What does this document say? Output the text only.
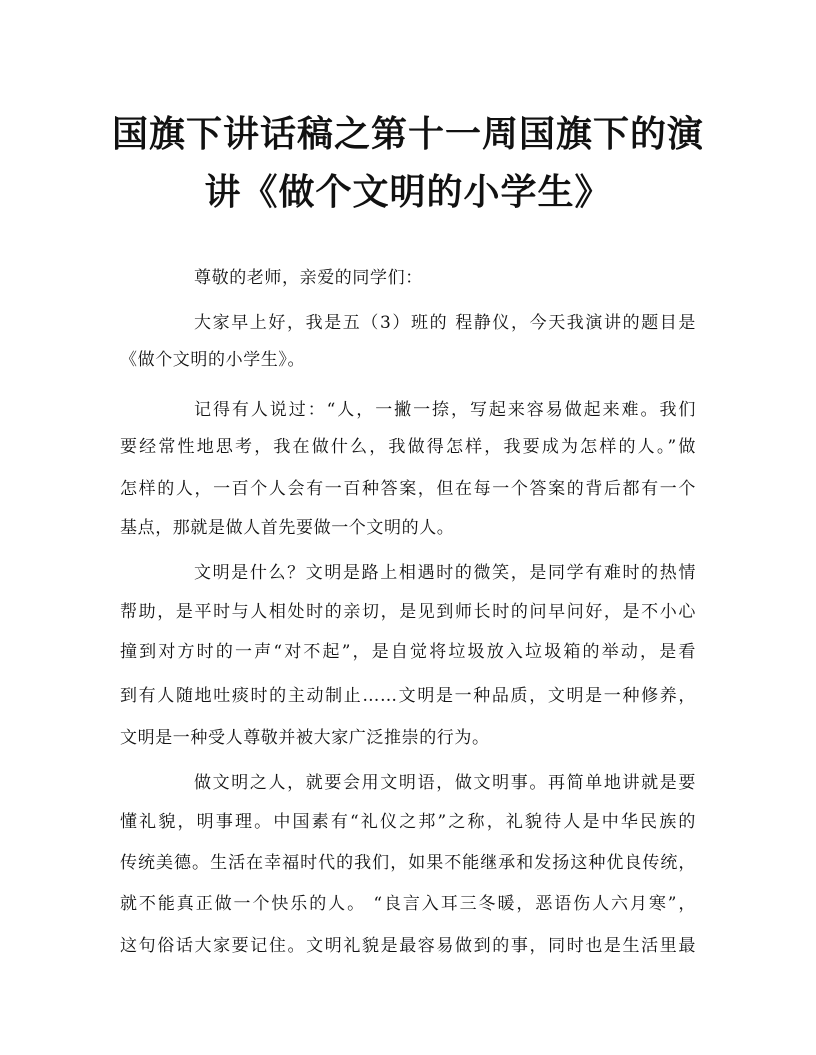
国旗下讲话稿之第十一周国旗下的演
讲《做个文明的小学生》
尊敬的老师，亲爱的同学们：
大家早上好，我是五（3）班的 程静仪，今天我演讲的题目是
《做个文明的小学生》。
记得有人说过：“人，一撇一捺，写起来容易做起来难。我们
要经常性地思考，我在做什么，我做得怎样，我要成为怎样的人。”做
怎样的人，一百个人会有一百种答案，但在每一个答案的背后都有一个
基点，那就是做人首先要做一个文明的人。
文明是什么？文明是路上相遇时的微笑，是同学有难时的热情
帮助，是平时与人相处时的亲切，是见到师长时的问早问好，是不小心
撞到对方时的一声“对不起”，是自觉将垃圾放入垃圾箱的举动，是看
到有人随地吐痰时的主动制止……文明是一种品质，文明是一种修养，
文明是一种受人尊敬并被大家广泛推崇的行为。
做文明之人，就要会用文明语，做文明事。再简单地讲就是要
懂礼貌，明事理。中国素有“礼仪之邦”之称，礼貌待人是中华民族的
传统美德。生活在幸福时代的我们，如果不能继承和发扬这种优良传统，
就不能真正做一个快乐的人。 “良言入耳三冬暖，恶语伤人六月寒”，
这句俗话大家要记住。文明礼貌是最容易做到的事，同时也是生活里最
